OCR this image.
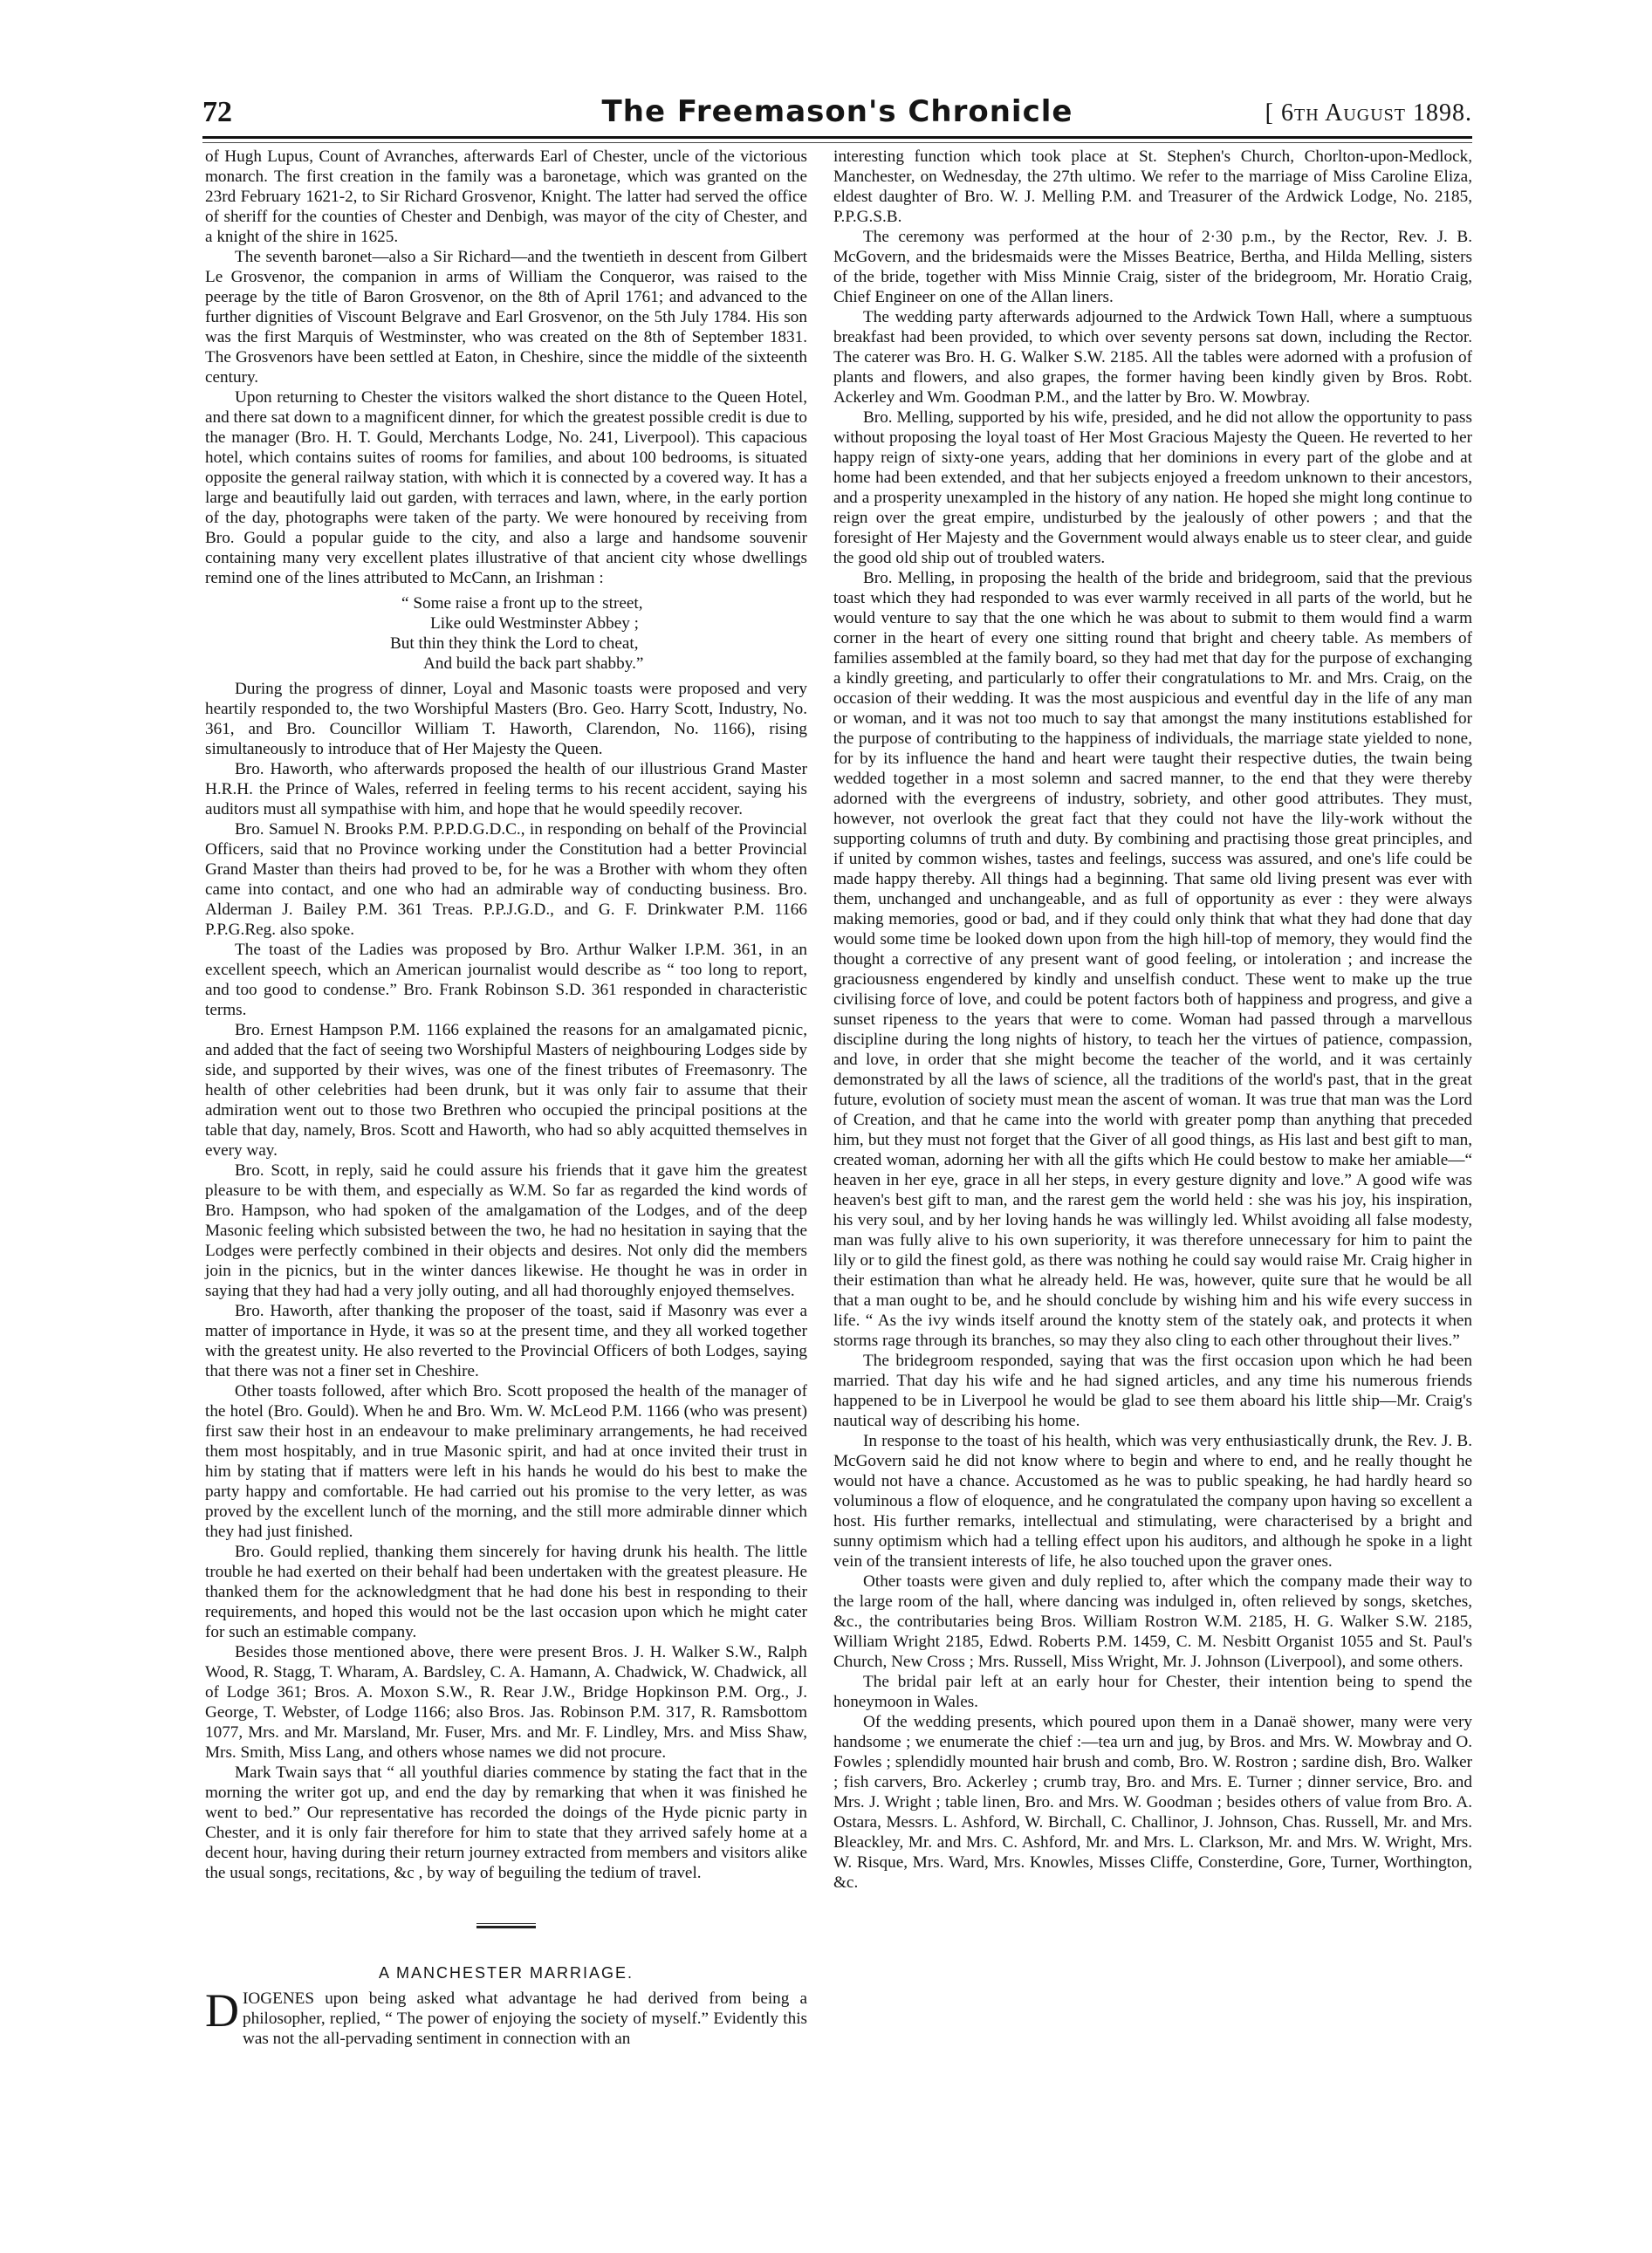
72	The Freemason's Chronicle	[ 6th August 1898.

of Hugh Lupus, Count of Avranches, afterwards Earl of Chester, uncle of the victorious monarch. The first creation in the family was a baronetage, which was granted on the 23rd February 1621-2, to Sir Richard Grosvenor, Knight. The latter had served the office of sheriff for the counties of Chester and Denbigh, was mayor of the city of Chester, and a knight of the shire in 1625.

The seventh baronet—also a Sir Richard—and the twentieth in descent from Gilbert Le Grosvenor, the companion in arms of William the Conqueror, was raised to the peerage by the title of Baron Grosvenor, on the 8th of April 1761; and advanced to the further dignities of Viscount Belgrave and Earl Grosvenor, on the 5th July 1784. His son was the first Marquis of Westminster, who was created on the 8th of September 1831. The Grosvenors have been settled at Eaton, in Cheshire, since the middle of the sixteenth century.

Upon returning to Chester the visitors walked the short distance to the Queen Hotel, and there sat down to a magnificent dinner, for which the greatest possible credit is due to the manager (Bro. H. T. Gould, Merchants Lodge, No. 241, Liverpool). This capacious hotel, which contains suites of rooms for families, and about 100 bedrooms, is situated opposite the general railway station, with which it is connected by a covered way. It has a large and beautifully laid out garden, with terraces and lawn, where, in the early portion of the day, photographs were taken of the party. We were honoured by receiving from Bro. Gould a popular guide to the city, and also a large and handsome souvenir containing many very excellent plates illustrative of that ancient city whose dwellings remind one of the lines attributed to McCann, an Irishman :

“ Some raise a front up to the street,
Like ould Westminster Abbey ;
But thin they think the Lord to cheat,
And build the back part shabby.”

During the progress of dinner, Loyal and Masonic toasts were proposed and very heartily responded to, the two Worshipful Masters (Bro. Geo. Harry Scott, Industry, No. 361, and Bro. Councillor William T. Haworth, Clarendon, No. 1166), rising simultaneously to introduce that of Her Majesty the Queen.

Bro. Haworth, who afterwards proposed the health of our illustrious Grand Master H.R.H. the Prince of Wales, referred in feeling terms to his recent accident, saying his auditors must all sympathise with him, and hope that he would speedily recover.

Bro. Samuel N. Brooks P.M. P.P.D.G.D.C., in responding on behalf of the Provincial Officers, said that no Province working under the Constitution had a better Provincial Grand Master than theirs had proved to be, for he was a Brother with whom they often came into contact, and one who had an admirable way of conducting business. Bro. Alderman J. Bailey P.M. 361 Treas. P.P.J.G.D., and G. F. Drinkwater P.M. 1166 P.P.G.Reg. also spoke.

The toast of the Ladies was proposed by Bro. Arthur Walker I.P.M. 361, in an excellent speech, which an American journalist would describe as “ too long to report, and too good to condense.” Bro. Frank Robinson S.D. 361 responded in characteristic terms.

Bro. Ernest Hampson P.M. 1166 explained the reasons for an amalgamated picnic, and added that the fact of seeing two Worshipful Masters of neighbouring Lodges side by side, and supported by their wives, was one of the finest tributes of Freemasonry. The health of other celebrities had been drunk, but it was only fair to assume that their admiration went out to those two Brethren who occupied the principal positions at the table that day, namely, Bros. Scott and Haworth, who had so ably acquitted themselves in every way.

Bro. Scott, in reply, said he could assure his friends that it gave him the greatest pleasure to be with them, and especially as W.M. So far as regarded the kind words of Bro. Hampson, who had spoken of the amalgamation of the Lodges, and of the deep Masonic feeling which subsisted between the two, he had no hesitation in saying that the Lodges were perfectly combined in their objects and desires. Not only did the members join in the picnics, but in the winter dances likewise. He thought he was in order in saying that they had had a very jolly outing, and all had thoroughly enjoyed themselves.

Bro. Haworth, after thanking the proposer of the toast, said if Masonry was ever a matter of importance in Hyde, it was so at the present time, and they all worked together with the greatest unity. He also reverted to the Provincial Officers of both Lodges, saying that there was not a finer set in Cheshire.

Other toasts followed, after which Bro. Scott proposed the health of the manager of the hotel (Bro. Gould). When he and Bro. Wm. W. McLeod P.M. 1166 (who was present) first saw their host in an endeavour to make preliminary arrangements, he had received them most hospitably, and in true Masonic spirit, and had at once invited their trust in him by stating that if matters were left in his hands he would do his best to make the party happy and comfortable. He had carried out his promise to the very letter, as was proved by the excellent lunch of the morning, and the still more admirable dinner which they had just finished.

Bro. Gould replied, thanking them sincerely for having drunk his health. The little trouble he had exerted on their behalf had been undertaken with the greatest pleasure. He thanked them for the acknowledgment that he had done his best in responding to their requirements, and hoped this would not be the last occasion upon which he might cater for such an estimable company.

Besides those mentioned above, there were present Bros. J. H. Walker S.W., Ralph Wood, R. Stagg, T. Wharam, A. Bardsley, C. A. Hamann, A. Chadwick, W. Chadwick, all of Lodge 361; Bros. A. Moxon S.W., R. Rear J.W., Bridge Hopkinson P.M. Org., J. George, T. Webster, of Lodge 1166; also Bros. Jas. Robinson P.M. 317, R. Ramsbottom 1077, Mrs. and Mr. Marsland, Mr. Fuser, Mrs. and Mr. F. Lindley, Mrs. and Miss Shaw, Mrs. Smith, Miss Lang, and others whose names we did not procure.

Mark Twain says that “ all youthful diaries commence by stating the fact that in the morning the writer got up, and end the day by remarking that when it was finished he went to bed.” Our representative has recorded the doings of the Hyde picnic party in Chester, and it is only fair therefore for him to state that they arrived safely home at a decent hour, having during their return journey extracted from members and visitors alike the usual songs, recitations, &c , by way of beguiling the tedium of travel.

A MANCHESTER MARRIAGE.

DIOGENES upon being asked what advantage he had derived from being a philosopher, replied, “ The power of enjoying the society of myself.” Evidently this was not the all-pervading sentiment in connection with an

interesting function which took place at St. Stephen's Church, Chorlton-upon-Medlock, Manchester, on Wednesday, the 27th ultimo. We refer to the marriage of Miss Caroline Eliza, eldest daughter of Bro. W. J. Melling P.M. and Treasurer of the Ardwick Lodge, No. 2185, P.P.G.S.B.

The ceremony was performed at the hour of 2·30 p.m., by the Rector, Rev. J. B. McGovern, and the bridesmaids were the Misses Beatrice, Bertha, and Hilda Melling, sisters of the bride, together with Miss Minnie Craig, sister of the bridegroom, Mr. Horatio Craig, Chief Engineer on one of the Allan liners.

The wedding party afterwards adjourned to the Ardwick Town Hall, where a sumptuous breakfast had been provided, to which over seventy persons sat down, including the Rector. The caterer was Bro. H. G. Walker S.W. 2185. All the tables were adorned with a profusion of plants and flowers, and also grapes, the former having been kindly given by Bros. Robt. Ackerley and Wm. Goodman P.M., and the latter by Bro. W. Mowbray.

Bro. Melling, supported by his wife, presided, and he did not allow the opportunity to pass without proposing the loyal toast of Her Most Gracious Majesty the Queen. He reverted to her happy reign of sixty-one years, adding that her dominions in every part of the globe and at home had been extended, and that her subjects enjoyed a freedom unknown to their ancestors, and a prosperity unexampled in the history of any nation. He hoped she might long continue to reign over the great empire, undisturbed by the jealously of other powers ; and that the foresight of Her Majesty and the Government would always enable us to steer clear, and guide the good old ship out of troubled waters.

Bro. Melling, in proposing the health of the bride and bridegroom, said that the previous toast which they had responded to was ever warmly received in all parts of the world, but he would venture to say that the one which he was about to submit to them would find a warm corner in the heart of every one sitting round that bright and cheery table. As members of families assembled at the family board, so they had met that day for the purpose of exchanging a kindly greeting, and particularly to offer their congratulations to Mr. and Mrs. Craig, on the occasion of their wedding. It was the most auspicious and eventful day in the life of any man or woman, and it was not too much to say that amongst the many institutions established for the purpose of contributing to the happiness of individuals, the marriage state yielded to none, for by its influence the hand and heart were taught their respective duties, the twain being wedded together in a most solemn and sacred manner, to the end that they were thereby adorned with the evergreens of industry, sobriety, and other good attributes. They must, however, not overlook the great fact that they could not have the lily-work without the supporting columns of truth and duty. By combining and practising those great principles, and if united by common wishes, tastes and feelings, success was assured, and one's life could be made happy thereby. All things had a beginning. That same old living present was ever with them, unchanged and unchangeable, and as full of opportunity as ever : they were always making memories, good or bad, and if they could only think that what they had done that day would some time be looked down upon from the high hill-top of memory, they would find the thought a corrective of any present want of good feeling, or intoleration ; and increase the graciousness engendered by kindly and unselfish conduct. These went to make up the true civilising force of love, and could be potent factors both of happiness and progress, and give a sunset ripeness to the years that were to come. Woman had passed through a marvellous discipline during the long nights of history, to teach her the virtues of patience, compassion, and love, in order that she might become the teacher of the world, and it was certainly demonstrated by all the laws of science, all the traditions of the world's past, that in the great future, evolution of society must mean the ascent of woman. It was true that man was the Lord of Creation, and that he came into the world with greater pomp than anything that preceded him, but they must not forget that the Giver of all good things, as His last and best gift to man, created woman, adorning her with all the gifts which He could bestow to make her amiable—“ heaven in her eye, grace in all her steps, in every gesture dignity and love.” A good wife was heaven's best gift to man, and the rarest gem the world held : she was his joy, his inspiration, his very soul, and by her loving hands he was willingly led. Whilst avoiding all false modesty, man was fully alive to his own superiority, it was therefore unnecessary for him to paint the lily or to gild the finest gold, as there was nothing he could say would raise Mr. Craig higher in their estimation than what he already held. He was, however, quite sure that he would be all that a man ought to be, and he should conclude by wishing him and his wife every success in life. “ As the ivy winds itself around the knotty stem of the stately oak, and protects it when storms rage through its branches, so may they also cling to each other throughout their lives.”

The bridegroom responded, saying that was the first occasion upon which he had been married. That day his wife and he had signed articles, and any time his numerous friends happened to be in Liverpool he would be glad to see them aboard his little ship—Mr. Craig's nautical way of describing his home.

In response to the toast of his health, which was very enthusiastically drunk, the Rev. J. B. McGovern said he did not know where to begin and where to end, and he really thought he would not have a chance. Accustomed as he was to public speaking, he had hardly heard so voluminous a flow of eloquence, and he congratulated the company upon having so excellent a host. His further remarks, intellectual and stimulating, were characterised by a bright and sunny optimism which had a telling effect upon his auditors, and although he spoke in a light vein of the transient interests of life, he also touched upon the graver ones.

Other toasts were given and duly replied to, after which the company made their way to the large room of the hall, where dancing was indulged in, often relieved by songs, sketches, &c., the contributaries being Bros. William Rostron W.M. 2185, H. G. Walker S.W. 2185, William Wright 2185, Edwd. Roberts P.M. 1459, C. M. Nesbitt Organist 1055 and St. Paul's Church, New Cross ; Mrs. Russell, Miss Wright, Mr. J. Johnson (Liverpool), and some others.

The bridal pair left at an early hour for Chester, their intention being to spend the honeymoon in Wales.

Of the wedding presents, which poured upon them in a Danaë shower, many were very handsome ; we enumerate the chief :—tea urn and jug, by Bros. and Mrs. W. Mowbray and O. Fowles ; splendidly mounted hair brush and comb, Bro. W. Rostron ; sardine dish, Bro. Walker ; fish carvers, Bro. Ackerley ; crumb tray, Bro. and Mrs. E. Turner ; dinner service, Bro. and Mrs. J. Wright ; table linen, Bro. and Mrs. W. Goodman ; besides others of value from Bro. A. Ostara, Messrs. L. Ashford, W. Birchall, C. Challinor, J. Johnson, Chas. Russell, Mr. and Mrs. Bleackley, Mr. and Mrs. C. Ashford, Mr. and Mrs. L. Clarkson, Mr. and Mrs. W. Wright, Mrs. W. Risque, Mrs. Ward, Mrs. Knowles, Misses Cliffe, Consterdine, Gore, Turner, Worthington, &c.
